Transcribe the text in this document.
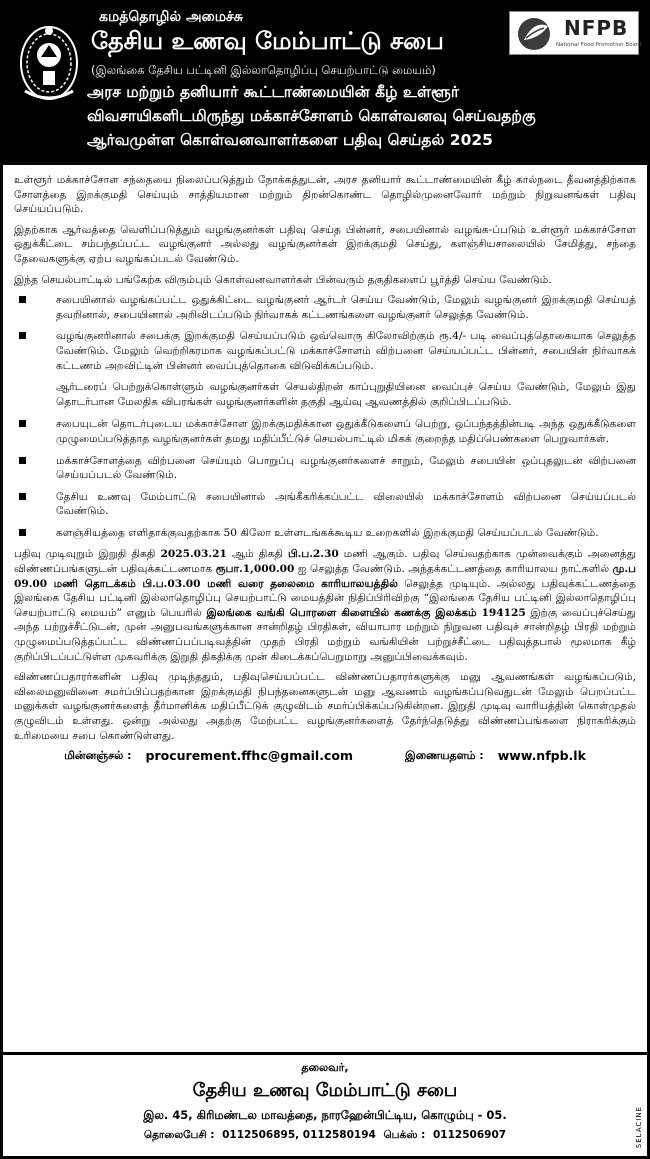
கமத்தொழில் அமைச்சு
தேசிய உணவு மேம்பாட்டு சபை
(இலங்கை தேசிய பட்டினி இல்லாதொழிப்பு செயற்பாட்டு மையம்)
அரச மற்றும் தனியார் கூட்டாண்மையின் கீழ் உள்ளூர்
விவசாயிகளிடமிருந்து மக்காச்சோளம் கொள்வனவு செய்வதற்கு
ஆர்வமுள்ள கொள்வனவாளர்களை பதிவு செய்தல் 2025
NFPB
National Food Promotion Board

உள்ளூர் மக்காச்சோள சந்தையை நிலைப்படுத்தும் நோக்கத்துடன், அரச தனியார் கூட்டாண்மையின் கீழ் கால்நடை தீவனத்திற்காக சோளத்தை இறக்குமதி செய்யும் சாத்தியமான மற்றும் திறன்கொண்ட தொழில்முனைவோர் மற்றும் நிறுவனங்கள் பதிவு செய்யப்படும்.

இதற்காக ஆர்வத்தை வெளிப்படுத்தும் வழங்குனர்கள் பதிவு செய்த பின்னர், சபையினால் வழங்க-ப்படும் உள்ளூர் மக்காச்சோள ஒதுக்கீட்டை சம்பந்தப்பட்ட வழங்குனர் அல்லது வழங்குனர்கள் இறக்குமதி செய்து, களஞ்சியசாலையில் சேமித்து, சந்தை தேவைகளுக்கு ஏற்ப வழங்கப்படல் வேண்டும்.

இந்த செயல்பாட்டில் பங்கேற்க விரும்பும் கொள்வனவாளர்கள் பின்வரும் தகுதிகளைப் பூர்த்தி செய்ய வேண்டும்.

சபையினால் வழங்கப்பட்ட ஒதுக்கிட்டை வழங்குனர் ஆர்டர் செய்ய வேண்டும், மேலும் வழங்குனர் இறக்குமதி செய்யத் தவறினால், சபையினால் அறிவிடப்படும் நிர்வாகக் கட்டணங்களை வழங்குனர் செலுத்த வேண்டும்.
வழங்குனரினால் சபைக்கு இறக்குமதி செய்யப்படும் ஒவ்வொரு கிலோவிற்கும் ரூ.4/- படி வைப்புத்தொகையாக செலுத்த வேண்டும். மேலும் வெற்றிகரமாக வழங்கப்பட்டு மக்காச்சோளம் விற்பனை செய்யப்பட்ட பின்னர், சபையின் நிர்வாகக் கட்டணம் அறவிட்டின் பின்னர் வைப்புத்தொகை விடுவிக்கப்படும்.
ஆர்டரைப் பெற்றுக்கொள்ளும் வழங்குனர்கள் செயல்திறன் காப்புறுதியினை வைப்புச் செய்ய வேண்டும், மேலும் இது தொடர்பான மேலதிக விபரங்கள் வழங்குனர்களின் தகுதி ஆய்வு ஆவணத்தில் குறிப்பிடப்படும்.
சபையுடன் தொடர்புடைய மக்காச்சோள இறக்குமதிக்கான ஒதுக்கீடுகளைப் பெற்று, ஒப்பந்தத்தின்படி அந்த ஒதுக்கீடுகளை முழுமைப்படுத்தாத வழங்குனர்கள் தமது மதிப்பீட்டுச் செயல்பாட்டில் மிகக் குறைந்த மதிப்பெண்களை பெறுவார்கள்.
மக்காச்சோளத்தை விற்பனை செய்யும் பொறுப்பு வழங்குனர்களைச் சாறும், மேலும் சபையின் ஒப்புதலுடன் விற்பனை செய்யப்படல் வேண்டும்.
தேசிய உணவு மேம்பாட்டு சபையினால் அங்கீகரிக்கப்பட்ட விலையில் மக்காச்சோளம் விற்பனை செய்யப்படல் வேண்டும்.
களஞ்சியத்தை எளிதாக்குவதற்காக 50 கிலோ உள்ளடங்கக்கூடிய உறைகளில் இறக்குமதி செய்யப்படல் வேண்டும்.

பதிவு முடிவுறும் இறுதி திகதி 2025.03.21 ஆம் திகதி பி.ப.2.30 மணி ஆகும். பதிவு செய்வதற்காக முன்வைக்கும் அனைத்து விண்ணப்பங்களுடன் பதிவுக்கட்டணமாக ரூபா.1,000.00 ஐ செலுத்த வேண்டும். அந்தக்கட்டணத்தை காரியாலய நாட்களில் மு.ப 09.00 மணி தொடக்கம் பி.ப.03.00 மணி வரை தலைமை காரியாலயத்தில் செலுத்த முடியும். அல்லது பதிவுக்கட்டணத்தை இலங்கை தேசிய பட்டினி இல்லாதொழிப்பு செயற்பாட்டு மையத்தின் நிதிப்பிரிவிற்கு “இலங்கை தேசிய பட்டினி இல்லாதொழிப்பு செயற்பாட்டு மையம்” எனும் பெயரில் இலங்கை வங்கி பொரளை கிளையில் கணக்கு இலக்கம் 194125 இற்கு வைப்புச்செய்து அந்த பற்றுச்சீட்டுடன், முன் அனுபவங்களுக்கான சான்றிதழ் பிரதிகள், வியாபார மற்றும் நிறுவன பதிவுச் சான்றிதழ் பிரதி மற்றும் முழுமைப்படுத்தப்பட்ட விண்ணப்பப்படிவத்தின் முதற் பிரதி மற்றும் வங்கியின் பற்றுச்சீட்டை பதிவுத்தபால் மூலமாக கீழ் குறிப்பிடப்பட்டுள்ள முகவரிக்கு இறுதி திகதிக்கு முன் கிடைக்கப்பெறுமாறு அனுப்பிவைக்கவும்.

விண்ணப்பதாரர்களின் பதிவு முடிந்ததும், பதிவுசெய்யப்பட்ட விண்ணப்பதாரர்களுக்கு மனு ஆவணங்கள் வழங்கப்படும், விலைமனுவினை சமர்ப்பிப்பதற்கான இறக்குமதி நிபந்தனைகளுடன் மனு ஆவணம் வழங்கப்படுவதுடன் மேலும் பெறப்பட்ட மனுக்கள் வழங்குனர்களைத் தீர்மானிக்க மதிப்பீட்டுக் குழுவிடம் சமர்ப்பிக்கப்படுகின்றன. இறுதி முடிவு வாரியத்தின் கொள்முதல் குழுவிடம் உள்ளது. ஒன்று அல்லது அதற்கு மேற்பட்ட வழங்குனர்களைத் தேர்ந்தெடுத்து விண்ணப்பங்களை நிராகரிக்கும் உரிமையை சபை கொண்டுள்ளது.

மின்னஞ்சல் : procurement.ffhc@gmail.com	இணையதளம் : www.nfpb.lk
தலைவர்,
தேசிய உணவு மேம்பாட்டு சபை
இல. 45, கிரிமண்டல மாவத்தை, நாரஹேன்பிட்டிய, கொழும்பு - 05.
தொலைபேசி : 0112506895, 0112580194 பெக்ஸ் : 0112506907	SELACINE
